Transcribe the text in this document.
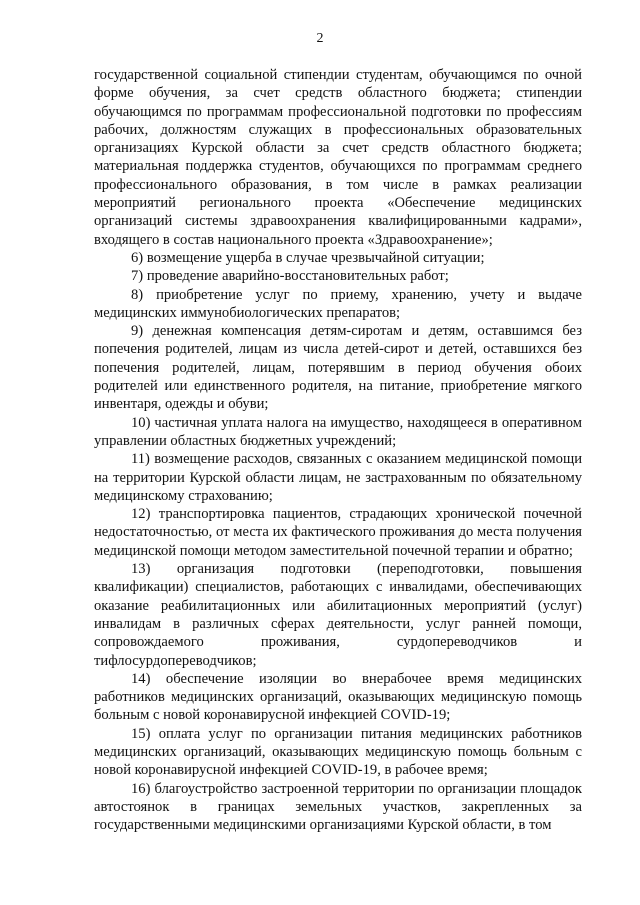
2

государственной социальной стипендии студентам, обучающимся по очной форме обучения, за счет средств областного бюджета; стипендии обучающимся по программам профессиональной подготовки по профессиям рабочих, должностям служащих в профессиональных образовательных организациях Курской области за счет средств областного бюджета; материальная поддержка студентов, обучающихся по программам среднего профессионального образования, в том числе в рамках реализации мероприятий регионального проекта «Обеспечение медицинских организаций системы здравоохранения квалифицированными кадрами», входящего в состав национального проекта «Здравоохранение»;

6) возмещение ущерба в случае чрезвычайной ситуации;

7) проведение аварийно-восстановительных работ;

8) приобретение услуг по приему, хранению, учету и выдаче медицинских иммунобиологических препаратов;

9) денежная компенсация детям-сиротам и детям, оставшимся без попечения родителей, лицам из числа детей-сирот и детей, оставшихся без попечения родителей, лицам, потерявшим в период обучения обоих родителей или единственного родителя, на питание, приобретение мягкого инвентаря, одежды и обуви;

10) частичная уплата налога на имущество, находящееся в оперативном управлении областных бюджетных учреждений;

11) возмещение расходов, связанных с оказанием медицинской помощи на территории Курской области лицам, не застрахованным по обязательному медицинскому страхованию;

12) транспортировка пациентов, страдающих хронической почечной недостаточностью, от места их фактического проживания до места получения медицинской помощи методом заместительной почечной терапии и обратно;

13) организация подготовки (переподготовки, повышения квалификации) специалистов, работающих с инвалидами, обеспечивающих оказание реабилитационных или абилитационных мероприятий (услуг) инвалидам в различных сферах деятельности, услуг ранней помощи, сопровождаемого проживания, сурдопереводчиков и тифлосурдопереводчиков;

14) обеспечение изоляции во внерабочее время медицинских работников медицинских организаций, оказывающих медицинскую помощь больным с новой коронавирусной инфекцией COVID-19;

15) оплата услуг по организации питания медицинских работников медицинских организаций, оказывающих медицинскую помощь больным с новой коронавирусной инфекцией COVID-19, в рабочее время;

16) благоустройство застроенной территории по организации площадок автостоянок в границах земельных участков, закрепленных за государственными медицинскими организациями Курской области, в том
